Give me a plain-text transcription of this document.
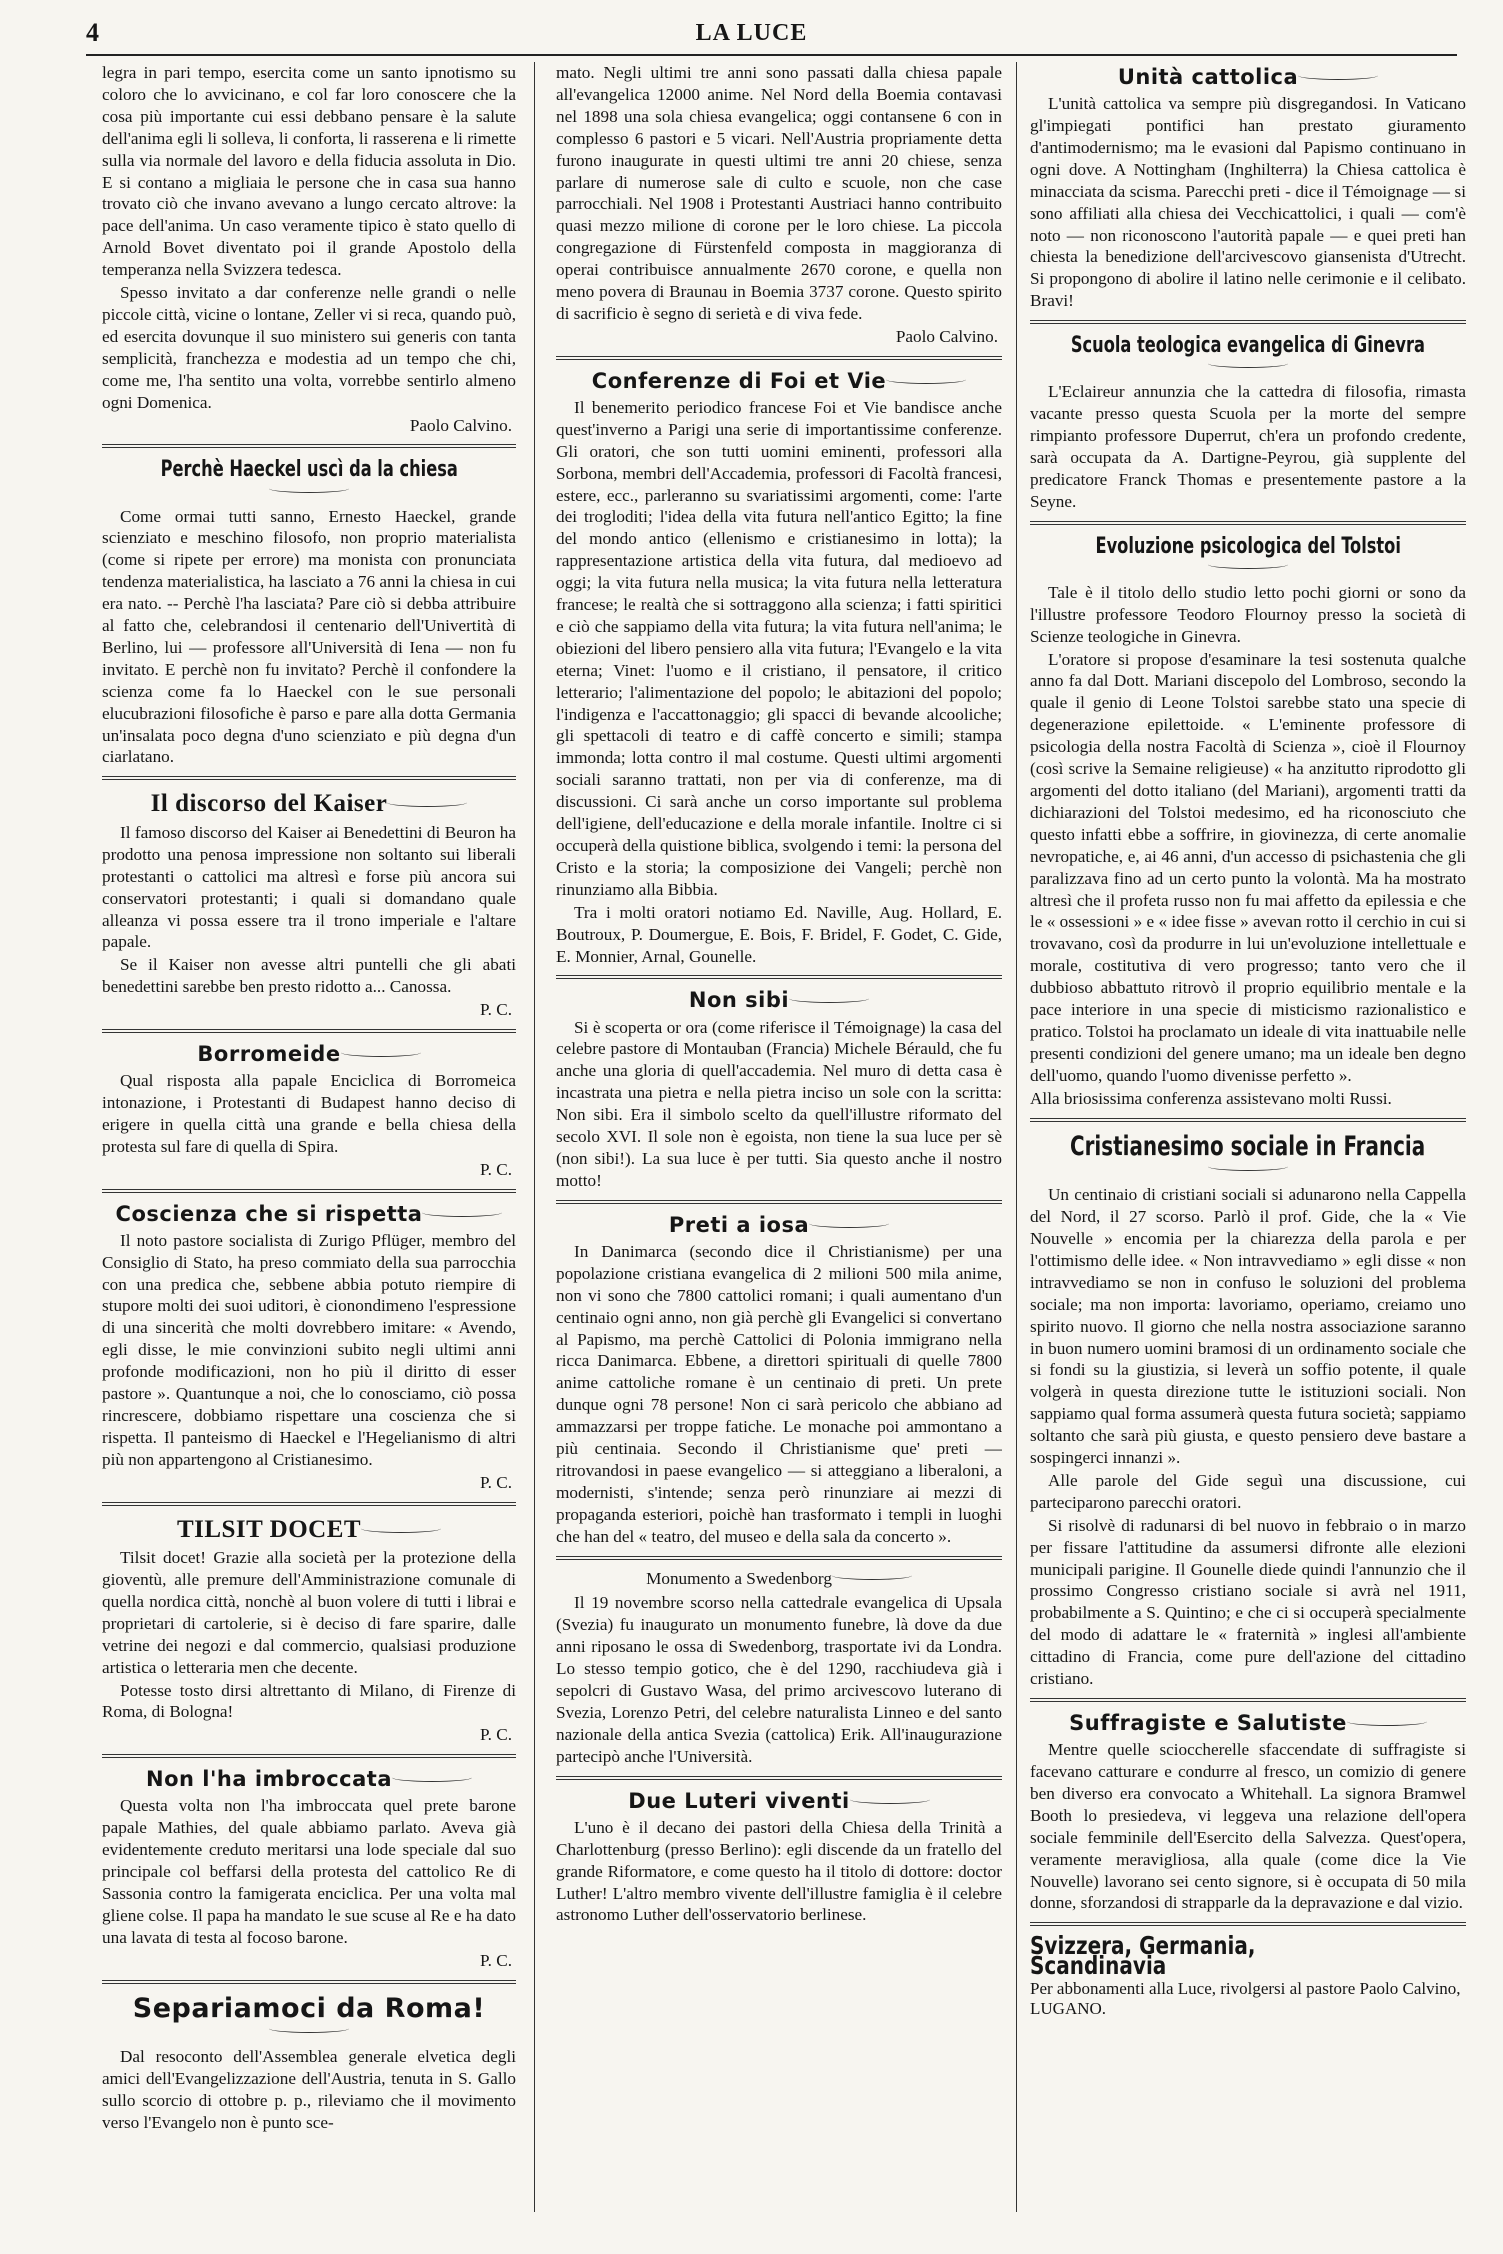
4	LA LUCE

legra in pari tempo, esercita come un santo ipnotismo su coloro che lo avvicinano, e col far loro conoscere che la cosa più importante cui essi debbano pensare è la salute dell'anima egli li solleva, li conforta, li rasserena e li rimette sulla via normale del lavoro e della fiducia assoluta in Dio. E si contano a migliaia le persone che in casa sua hanno trovato ciò che invano avevano a lungo cercato altrove: la pace dell'anima. Un caso veramente tipico è stato quello di Arnold Bovet diventato poi il grande Apostolo della temperanza nella Svizzera tedesca.

Spesso invitato a dar conferenze nelle grandi o nelle piccole città, vicine o lontane, Zeller vi si reca, quando può, ed esercita dovunque il suo ministero sui generis con tanta semplicità, franchezza e modestia ad un tempo che chi, come me, l'ha sentito una volta, vorrebbe sentirlo almeno ogni Domenica.

Paolo Calvino.
Perchè Haeckel uscì da la chiesa

Come ormai tutti sanno, Ernesto Haeckel, grande scienziato e meschino filosofo, non proprio materialista (come si ripete per errore) ma monista con pronunciata tendenza materialistica, ha lasciato a 76 anni la chiesa in cui era nato. -- Perchè l'ha lasciata? Pare ciò si debba attribuire al fatto che, celebrandosi il centenario dell'Univertità di Berlino, lui — professore all'Università di Iena — non fu invitato. E perchè non fu invitato? Perchè il confondere la scienza come fa lo Haeckel con le sue personali elucubrazioni filosofiche è parso e pare alla dotta Germania un'insalata poco degna d'uno scienziato e più degna d'un ciarlatano.

Il discorso del Kaiser

Il famoso discorso del Kaiser ai Benedettini di Beuron ha prodotto una penosa impressione non soltanto sui liberali protestanti o cattolici ma altresì e forse più ancora sui conservatori protestanti; i quali si domandano quale alleanza vi possa essere tra il trono imperiale e l'altare papale.

Se il Kaiser non avesse altri puntelli che gli abati benedettini sarebbe ben presto ridotto a... Canossa.

P. C.
Borromeide

Qual risposta alla papale Enciclica di Borromeica intonazione, i Protestanti di Budapest hanno deciso di erigere in quella città una grande e bella chiesa della protesta sul fare di quella di Spira.

P. C.
Coscienza che si rispetta

Il noto pastore socialista di Zurigo Pflüger, membro del Consiglio di Stato, ha preso commiato della sua parrocchia con una predica che, sebbene abbia potuto riempire di stupore molti dei suoi uditori, è cionondimeno l'espressione di una sincerità che molti dovrebbero imitare: « Avendo, egli disse, le mie convinzioni subito negli ultimi anni profonde modificazioni, non ho più il diritto di esser pastore ». Quantunque a noi, che lo conosciamo, ciò possa rincrescere, dobbiamo rispettare una coscienza che si rispetta. Il panteismo di Haeckel e l'Hegelianismo di altri più non appartengono al Cristianesimo.

P. C.
TILSIT DOCET

Tilsit docet! Grazie alla società per la protezione della gioventù, alle premure dell'Amministrazione comunale di quella nordica città, nonchè al buon volere di tutti i librai e proprietari di cartolerie, si è deciso di fare sparire, dalle vetrine dei negozi e dal commercio, qualsiasi produzione artistica o letteraria men che decente.

Potesse tosto dirsi altrettanto di Milano, di Firenze di Roma, di Bologna!

P. C.
Non l'ha imbroccata

Questa volta non l'ha imbroccata quel prete barone papale Mathies, del quale abbiamo parlato. Aveva già evidentemente creduto meritarsi una lode speciale dal suo principale col beffarsi della protesta del cattolico Re di Sassonia contro la famigerata enciclica. Per una volta mal gliene colse. Il papa ha mandato le sue scuse al Re e ha dato una lavata di testa al focoso barone.

P. C.
Separiamoci da Roma!

Dal resoconto dell'Assemblea generale elvetica degli amici dell'Evangelizzazione dell'Austria, tenuta in S. Gallo sullo scorcio di ottobre p. p., rileviamo che il movimento verso l'Evangelo non è punto sce-

mato. Negli ultimi tre anni sono passati dalla chiesa papale all'evangelica 12000 anime. Nel Nord della Boemia contavasi nel 1898 una sola chiesa evangelica; oggi contansene 6 con in complesso 6 pastori e 5 vicari. Nell'Austria propriamente detta furono inaugurate in questi ultimi tre anni 20 chiese, senza parlare di numerose sale di culto e scuole, non che case parrocchiali. Nel 1908 i Protestanti Austriaci hanno contribuito quasi mezzo milione di corone per le loro chiese. La piccola congregazione di Fürstenfeld composta in maggioranza di operai contribuisce annualmente 2670 corone, e quella non meno povera di Braunau in Boemia 3737 corone. Questo spirito di sacrificio è segno di serietà e di viva fede.

Paolo Calvino.
Conferenze di Foi et Vie

Il benemerito periodico francese Foi et Vie bandisce anche quest'inverno a Parigi una serie di importantissime conferenze. Gli oratori, che son tutti uomini eminenti, professori alla Sorbona, membri dell'Accademia, professori di Facoltà francesi, estere, ecc., parleranno su svariatissimi argomenti, come: l'arte dei trogloditi; l'idea della vita futura nell'antico Egitto; la fine del mondo antico (ellenismo e cristianesimo in lotta); la rappresentazione artistica della vita futura, dal medioevo ad oggi; la vita futura nella musica; la vita futura nella letteratura francese; le realtà che si sottraggono alla scienza; i fatti spiritici e ciò che sappiamo della vita futura; la vita futura nell'anima; le obiezioni del libero pensiero alla vita futura; l'Evangelo e la vita eterna; Vinet: l'uomo e il cristiano, il pensatore, il critico letterario; l'alimentazione del popolo; le abitazioni del popolo; l'indigenza e l'accattonaggio; gli spacci di bevande alcooliche; gli spettacoli di teatro e di caffè concerto e simili; stampa immonda; lotta contro il mal costume. Questi ultimi argomenti sociali saranno trattati, non per via di conferenze, ma di discussioni. Ci sarà anche un corso importante sul problema dell'igiene, dell'educazione e della morale infantile. Inoltre ci si occuperà della quistione biblica, svolgendo i temi: la persona del Cristo e la storia; la composizione dei Vangeli; perchè non rinunziamo alla Bibbia.

Tra i molti oratori notiamo Ed. Naville, Aug. Hollard, E. Boutroux, P. Doumergue, E. Bois, F. Bridel, F. Godet, C. Gide, E. Monnier, Arnal, Gounelle.

Non sibi

Si è scoperta or ora (come riferisce il Témoignage) la casa del celebre pastore di Montauban (Francia) Michele Bérauld, che fu anche una gloria di quell'accademia. Nel muro di detta casa è incastrata una pietra e nella pietra inciso un sole con la scritta: Non sibi. Era il simbolo scelto da quell'illustre riformato del secolo XVI. Il sole non è egoista, non tiene la sua luce per sè (non sibi!). La sua luce è per tutti. Sia questo anche il nostro motto!

Preti a iosa

In Danimarca (secondo dice il Christianisme) per una popolazione cristiana evangelica di 2 milioni 500 mila anime, non vi sono che 7800 cattolici romani; i quali aumentano d'un centinaio ogni anno, non già perchè gli Evangelici si convertano al Papismo, ma perchè Cattolici di Polonia immigrano nella ricca Danimarca. Ebbene, a direttori spirituali di quelle 7800 anime cattoliche romane è un centinaio di preti. Un prete dunque ogni 78 persone! Non ci sarà pericolo che abbiano ad ammazzarsi per troppe fatiche. Le monache poi ammontano a più centinaia. Secondo il Christianisme que' preti — ritrovandosi in paese evangelico — si atteggiano a liberaloni, a modernisti, s'intende; senza però rinunziare ai mezzi di propaganda esteriori, poichè han trasformato i templi in luoghi che han del « teatro, del museo e della sala da concerto ».

Monumento a Swedenborg

Il 19 novembre scorso nella cattedrale evangelica di Upsala (Svezia) fu inaugurato un monumento funebre, là dove da due anni riposano le ossa di Swedenborg, trasportate ivi da Londra. Lo stesso tempio gotico, che è del 1290, racchiudeva già i sepolcri di Gustavo Wasa, del primo arcivescovo luterano di Svezia, Lorenzo Petri, del celebre naturalista Linneo e del santo nazionale della antica Svezia (cattolica) Erik. All'inaugurazione partecipò anche l'Università.

Due Luteri viventi

L'uno è il decano dei pastori della Chiesa della Trinità a Charlottenburg (presso Berlino): egli discende da un fratello del grande Riformatore, e come questo ha il titolo di dottore: doctor Luther! L'altro membro vivente dell'illustre famiglia è il celebre astronomo Luther dell'osservatorio berlinese.

Unità cattolica

L'unità cattolica va sempre più disgregandosi. In Vaticano gl'impiegati pontifici han prestato giuramento d'antimodernismo; ma le evasioni dal Papismo continuano in ogni dove. A Nottingham (Inghilterra) la Chiesa cattolica è minacciata da scisma. Parecchi preti - dice il Témoignage — si sono affiliati alla chiesa dei Vecchicattolici, i quali — com'è noto — non riconoscono l'autorità papale — e quei preti han chiesta la benedizione dell'arcivescovo giansenista d'Utrecht. Si propongono di abolire il latino nelle cerimonie e il celibato. Bravi!

Scuola teologica evangelica di Ginevra

L'Eclaireur annunzia che la cattedra di filosofia, rimasta vacante presso questa Scuola per la morte del sempre rimpianto professore Duperrut, ch'era un profondo credente, sarà occupata da A. Dartigne-Peyrou, già supplente del predicatore Franck Thomas e presentemente pastore a la Seyne.

Evoluzione psicologica del Tolstoi

Tale è il titolo dello studio letto pochi giorni or sono da l'illustre professore Teodoro Flournoy presso la società di Scienze teologiche in Ginevra.

L'oratore si propose d'esaminare la tesi sostenuta qualche anno fa dal Dott. Mariani discepolo del Lombroso, secondo la quale il genio di Leone Tolstoi sarebbe stato una specie di degenerazione epilettoide. « L'eminente professore di psicologia della nostra Facoltà di Scienza », cioè il Flournoy (così scrive la Semaine religieuse) « ha anzitutto riprodotto gli argomenti del dotto italiano (del Mariani), argomenti tratti da dichiarazioni del Tolstoi medesimo, ed ha riconosciuto che questo infatti ebbe a soffrire, in giovinezza, di certe anomalie nevropatiche, e, ai 46 anni, d'un accesso di psichastenia che gli paralizzava fino ad un certo punto la volontà. Ma ha mostrato altresì che il profeta russo non fu mai affetto da epilessia e che le « ossessioni » e « idee fisse » avevan rotto il cerchio in cui si trovavano, così da produrre in lui un'evoluzione intellettuale e morale, costitutiva di vero progresso; tanto vero che il dubbioso abbattuto ritrovò il proprio equilibrio mentale e la pace interiore in una specie di misticismo razionalistico e pratico. Tolstoi ha proclamato un ideale di vita inattuabile nelle presenti condizioni del genere umano; ma un ideale ben degno dell'uomo, quando l'uomo divenisse perfetto ».

Alla briosissima conferenza assistevano molti Russi.

Cristianesimo sociale in Francia

Un centinaio di cristiani sociali si adunarono nella Cappella del Nord, il 27 scorso. Parlò il prof. Gide, che la « Vie Nouvelle » encomia per la chiarezza della parola e per l'ottimismo delle idee. « Non intravvediamo » egli disse « non intravvediamo se non in confuso le soluzioni del problema sociale; ma non importa: lavoriamo, operiamo, creiamo uno spirito nuovo. Il giorno che nella nostra associazione saranno in buon numero uomini bramosi di un ordinamento sociale che si fondi su la giustizia, si leverà un soffio potente, il quale volgerà in questa direzione tutte le istituzioni sociali. Non sappiamo qual forma assumerà questa futura società; sappiamo soltanto che sarà più giusta, e questo pensiero deve bastare a sospingerci innanzi ».

Alle parole del Gide seguì una discussione, cui parteciparono parecchi oratori.

Si risolvè di radunarsi di bel nuovo in febbraio o in marzo per fissare l'attitudine da assumersi difronte alle elezioni municipali parigine. Il Gounelle diede quindi l'annunzio che il prossimo Congresso cristiano sociale si avrà nel 1911, probabilmente a S. Quintino; e che ci si occuperà specialmente del modo di adattare le « fraternità » inglesi all'ambiente cittadino di Francia, come pure dell'azione del cittadino cristiano.

Suffragiste e Salutiste

Mentre quelle scioccherelle sfaccendate di suffragiste si facevano catturare e condurre al fresco, un comizio di genere ben diverso era convocato a Whitehall. La signora Bramwel Booth lo presiedeva, vi leggeva una relazione dell'opera sociale femminile dell'Esercito della Salvezza. Quest'opera, veramente meravigliosa, alla quale (come dice la Vie Nouvelle) lavorano sei cento signore, si è occupata di 50 mila donne, sforzandosi di strapparle da la depravazione e dal vizio.

Svizzera, Germania, Scandinavia Per abbonamenti alla Luce, rivolgersi al pastore Paolo Calvino, LUGANO.
